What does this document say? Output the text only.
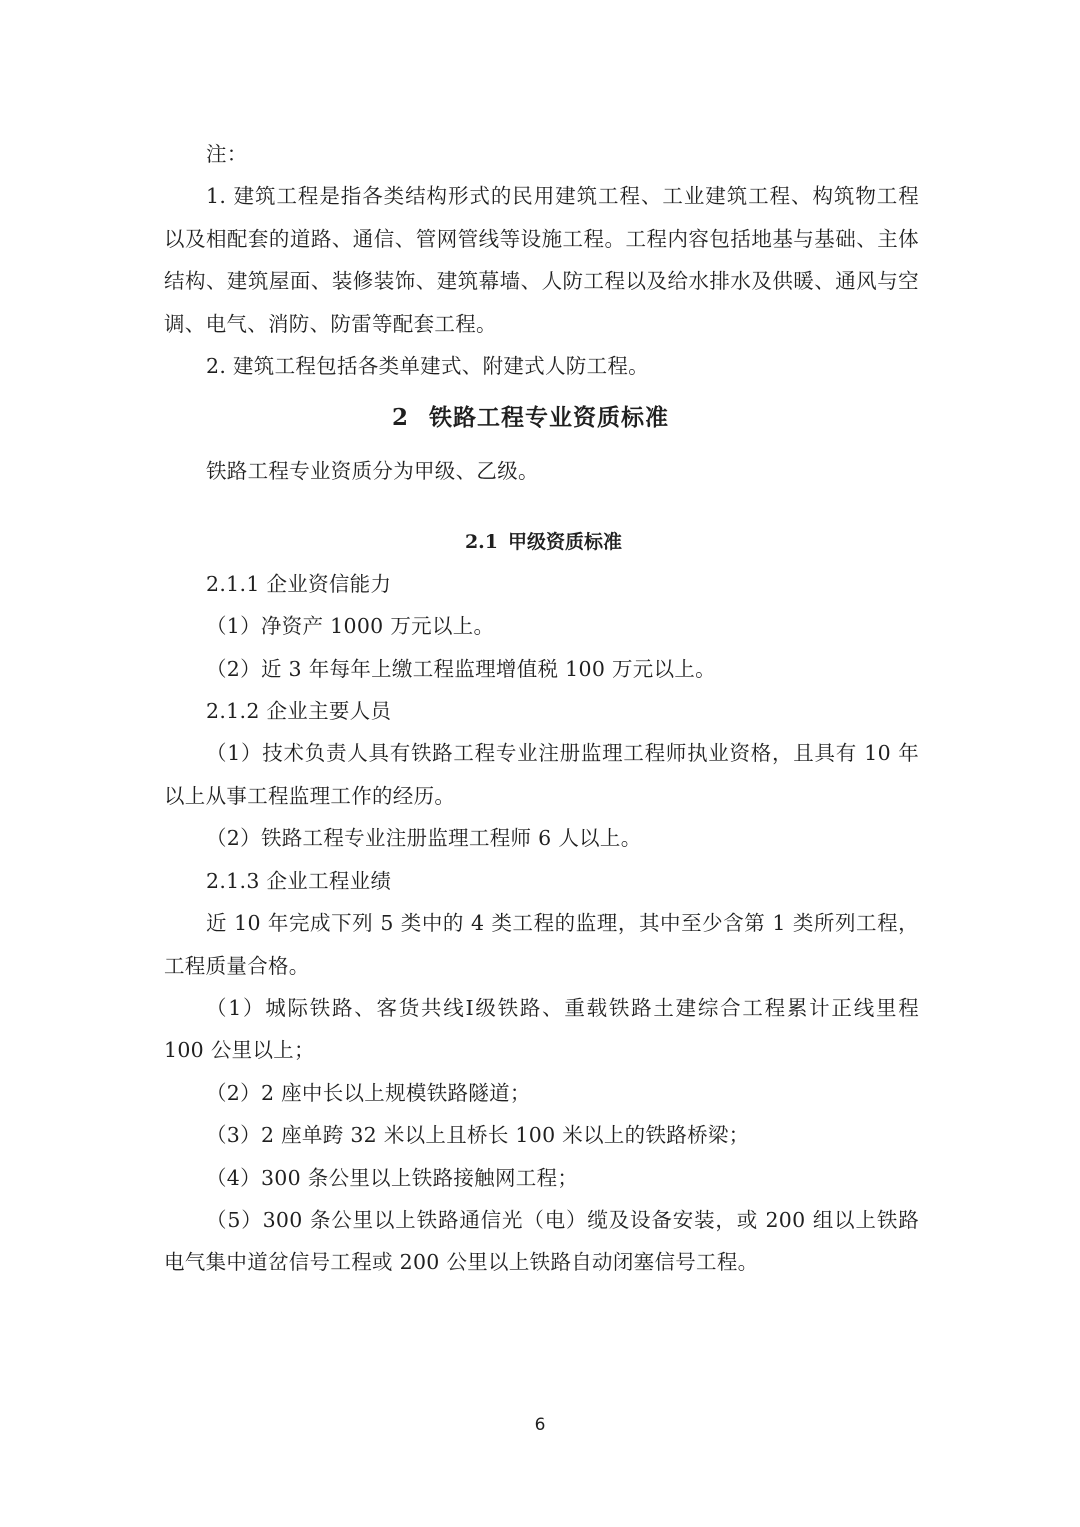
注：

1. 建筑工程是指各类结构形式的民用建筑工程、工业建筑工程、构筑物工程以及相配套的道路、通信、管网管线等设施工程。工程内容包括地基与基础、主体结构、建筑屋面、装修装饰、建筑幕墙、人防工程以及给水排水及供暖、通风与空调、电气、消防、防雷等配套工程。

2. 建筑工程包括各类单建式、附建式人防工程。

2 铁路工程专业资质标准

铁路工程专业资质分为甲级、乙级。

2.1 甲级资质标准

2.1.1 企业资信能力

（1）净资产 1000 万元以上。

（2）近 3 年每年上缴工程监理增值税 100 万元以上。

2.1.2 企业主要人员

（1）技术负责人具有铁路工程专业注册监理工程师执业资格，且具有 10 年以上从事工程监理工作的经历。

（2）铁路工程专业注册监理工程师 6 人以上。

2.1.3 企业工程业绩

近 10 年完成下列 5 类中的 4 类工程的监理，其中至少含第 1 类所列工程，工程质量合格。

（1）城际铁路、客货共线Ⅰ级铁路、重载铁路土建综合工程累计正线里程 100 公里以上；

（2）2 座中长以上规模铁路隧道；

（3）2 座单跨 32 米以上且桥长 100 米以上的铁路桥梁；

（4）300 条公里以上铁路接触网工程；

（5）300 条公里以上铁路通信光（电）缆及设备安装，或 200 组以上铁路电气集中道岔信号工程或 200 公里以上铁路自动闭塞信号工程。

6
